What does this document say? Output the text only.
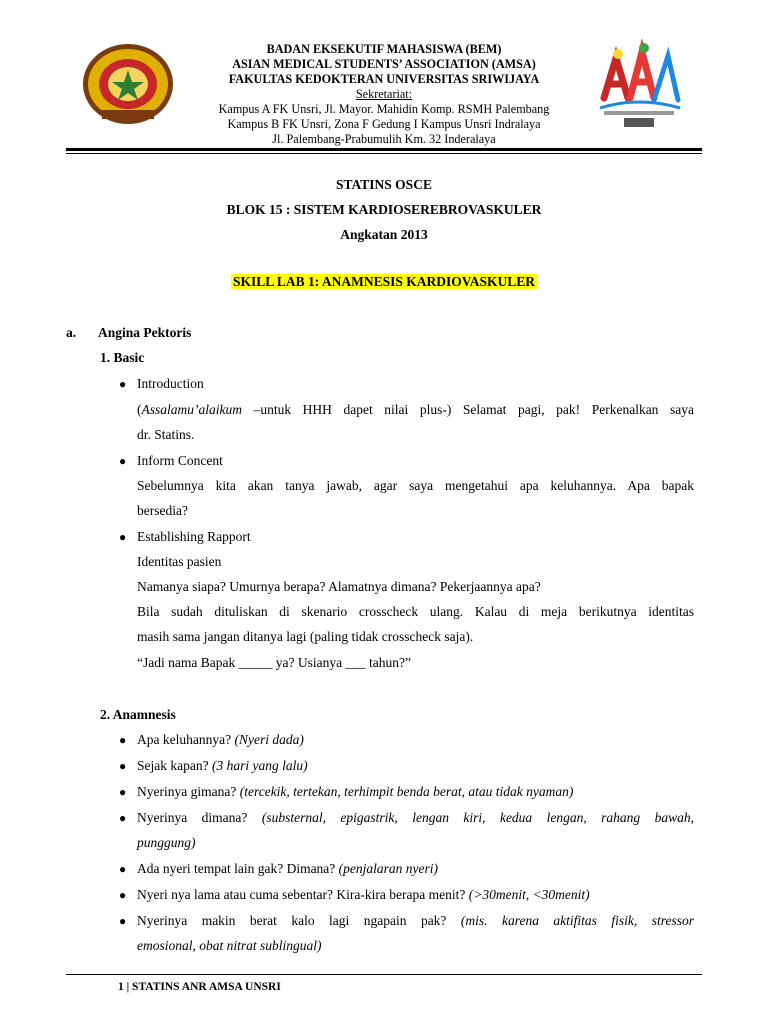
BADAN EKSEKUTIF MAHASISWA (BEM)
ASIAN MEDICAL STUDENTS’ ASSOCIATION (AMSA)
FAKULTAS KEDOKTERAN UNIVERSITAS SRIWIJAYA
Sekretariat:
Kampus A FK Unsri, Jl. Mayor. Mahidin Komp. RSMH Palembang
Kampus B FK Unsri, Zona F Gedung I Kampus Unsri Indralaya
Jl. Palembang-Prabumulih Km. 32 Inderalaya
STATINS OSCE
BLOK 15 : SISTEM KARDIOSEREBROVASKULER
Angkatan 2013
SKILL LAB 1: ANAMNESIS KARDIOVASKULER
a. Angina Pektoris
1. Basic
● Introduction
(Assalamu’alaikum –untuk HHH dapet nilai plus-) Selamat pagi, pak! Perkenalkan saya
dr. Statins.
● Inform Concent
Sebelumnya kita akan tanya jawab, agar saya mengetahui apa keluhannya. Apa bapak
bersedia?
● Establishing Rapport
Identitas pasien
Namanya siapa? Umurnya berapa? Alamatnya dimana? Pekerjaannya apa?
Bila sudah dituliskan di skenario crosscheck ulang. Kalau di meja berikutnya identitas
masih sama jangan ditanya lagi (paling tidak crosscheck saja).
“Jadi nama Bapak _____ ya? Usianya ___ tahun?”
2. Anamnesis
● Apa keluhannya? (Nyeri dada)
● Sejak kapan? (3 hari yang lalu)
● Nyerinya gimana? (tercekik, tertekan, terhimpit benda berat, atau tidak nyaman)
● Nyerinya dimana? (substernal, epigastrik, lengan kiri, kedua lengan, rahang bawah,
punggung)
● Ada nyeri tempat lain gak? Dimana? (penjalaran nyeri)
● Nyeri nya lama atau cuma sebentar? Kira-kira berapa menit? (>30menit, <30menit)
● Nyerinya makin berat kalo lagi ngapain pak? (mis. karena aktifitas fisik, stressor
emosional, obat nitrat sublingual)
1 | STATINS ANR AMSA UNSRI
